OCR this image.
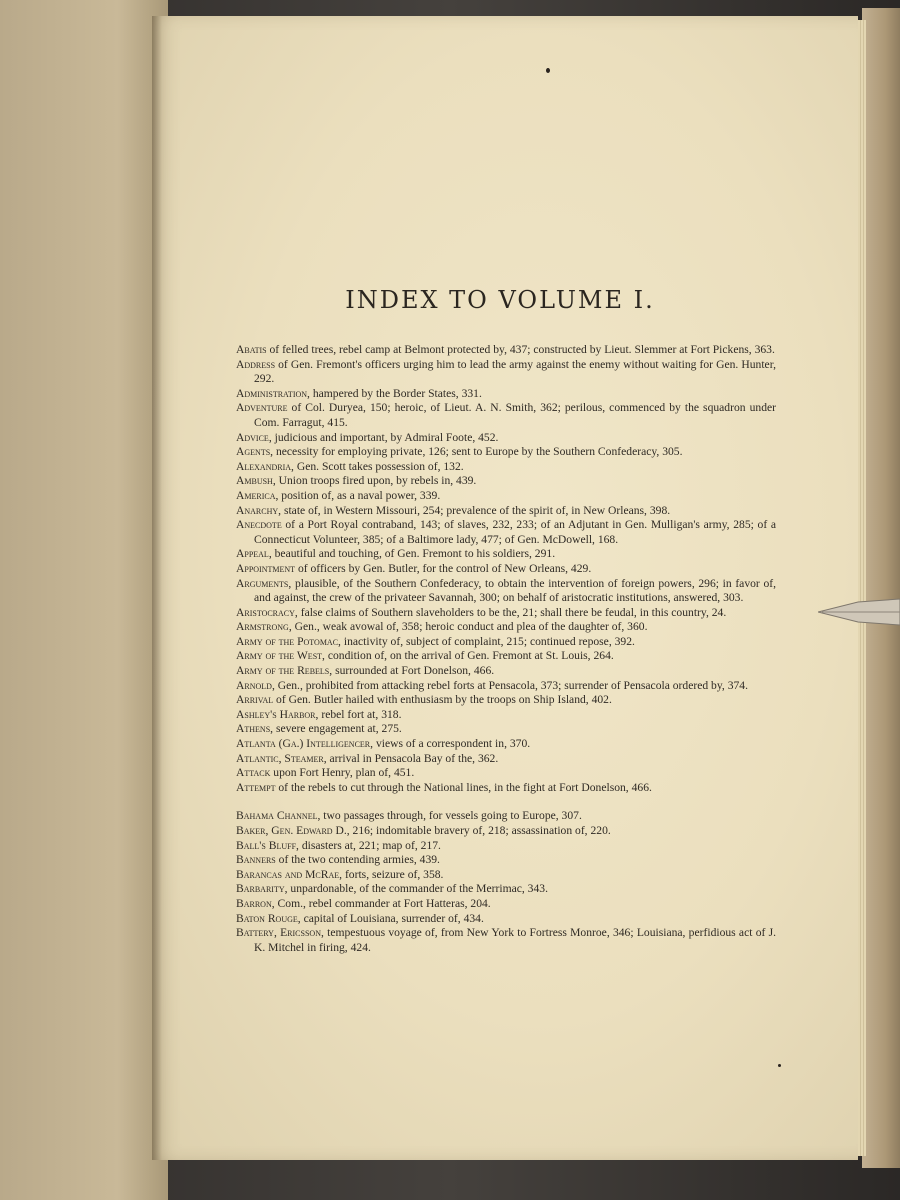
INDEX TO VOLUME I.

Abatis of felled trees, rebel camp at Belmont protected by, 437; constructed by Lieut. Slemmer at Fort Pickens, 363.

Address of Gen. Fremont's officers urging him to lead the army against the enemy without waiting for Gen. Hunter, 292.

Administration, hampered by the Border States, 331.

Adventure of Col. Duryea, 150; heroic, of Lieut. A. N. Smith, 362; perilous, commenced by the squadron under Com. Farragut, 415.

Advice, judicious and important, by Admiral Foote, 452.

Agents, necessity for employing private, 126; sent to Europe by the Southern Confederacy, 305.

Alexandria, Gen. Scott takes possession of, 132.

Ambush, Union troops fired upon, by rebels in, 439.

America, position of, as a naval power, 339.

Anarchy, state of, in Western Missouri, 254; prevalence of the spirit of, in New Orleans, 398.

Anecdote of a Port Royal contraband, 143; of slaves, 232, 233; of an Adjutant in Gen. Mulligan's army, 285; of a Connecticut Volunteer, 385; of a Baltimore lady, 477; of Gen. McDowell, 168.

Appeal, beautiful and touching, of Gen. Fremont to his soldiers, 291.

Appointment of officers by Gen. Butler, for the control of New Orleans, 429.

Arguments, plausible, of the Southern Confederacy, to obtain the intervention of foreign powers, 296; in favor of, and against, the crew of the privateer Savannah, 300; on behalf of aristocratic institutions, answered, 303.

Aristocracy, false claims of Southern slaveholders to be the, 21; shall there be feudal, in this country, 24.

Armstrong, Gen., weak avowal of, 358; heroic conduct and plea of the daughter of, 360.

Army of the Potomac, inactivity of, subject of complaint, 215; continued repose, 392.

Army of the West, condition of, on the arrival of Gen. Fremont at St. Louis, 264.

Army of the Rebels, surrounded at Fort Donelson, 466.

Arnold, Gen., prohibited from attacking rebel forts at Pensacola, 373; surrender of Pensacola ordered by, 374.

Arrival of Gen. Butler hailed with enthusiasm by the troops on Ship Island, 402.

Ashley's Harbor, rebel fort at, 318.

Athens, severe engagement at, 275.

Atlanta (Ga.) Intelligencer, views of a correspondent in, 370.

Atlantic, Steamer, arrival in Pensacola Bay of the, 362.

Attack upon Fort Henry, plan of, 451.

Attempt of the rebels to cut through the National lines, in the fight at Fort Donelson, 466.

Bahama Channel, two passages through, for vessels going to Europe, 307.

Baker, Gen. Edward D., 216; indomitable bravery of, 218; assassination of, 220.

Ball's Bluff, disasters at, 221; map of, 217.

Banners of the two contending armies, 439.

Barancas and McRae, forts, seizure of, 358.

Barbarity, unpardonable, of the commander of the Merrimac, 343.

Barron, Com., rebel commander at Fort Hatteras, 204.

Baton Rouge, capital of Louisiana, surrender of, 434.

Battery, Ericsson, tempestuous voyage of, from New York to Fortress Monroe, 346; Louisiana, perfidious act of J. K. Mitchel in firing, 424.
